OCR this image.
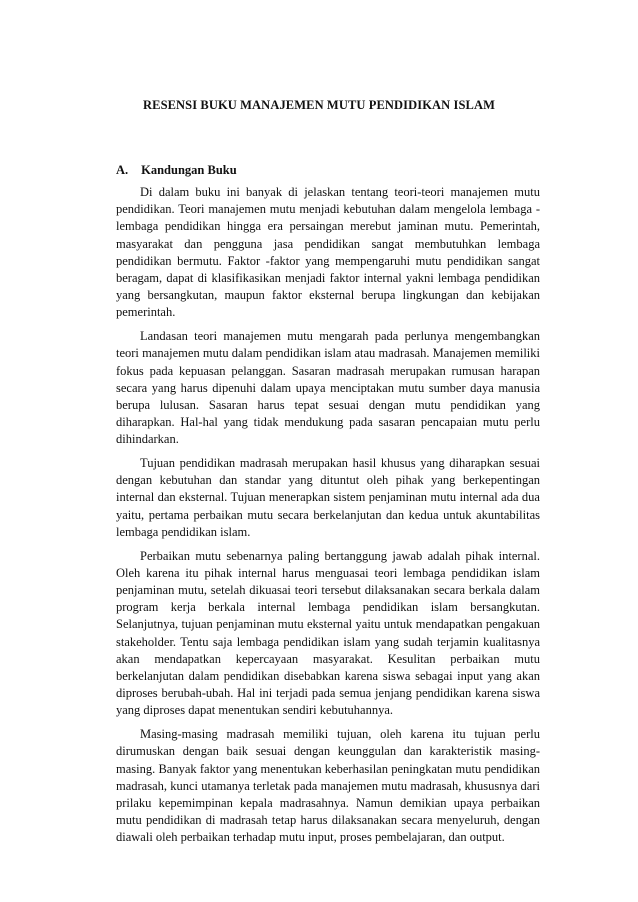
RESENSI BUKU MANAJEMEN MUTU PENDIDIKAN ISLAM
A. Kandungan Buku

Di dalam buku ini banyak di jelaskan tentang teori-teori manajemen mutu pendidikan. Teori manajemen mutu menjadi kebutuhan dalam mengelola lembaga - lembaga pendidikan hingga era persaingan merebut jaminan mutu. Pemerintah, masyarakat dan pengguna jasa pendidikan sangat membutuhkan lembaga pendidikan bermutu. Faktor -faktor yang mempengaruhi mutu pendidikan sangat beragam, dapat di klasifikasikan menjadi faktor internal yakni lembaga pendidikan yang bersangkutan, maupun faktor eksternal berupa lingkungan dan kebijakan pemerintah.

Landasan teori manajemen mutu mengarah pada perlunya mengembangkan teori manajemen mutu dalam pendidikan islam atau madrasah. Manajemen memiliki fokus pada kepuasan pelanggan. Sasaran madrasah merupakan rumusan harapan secara yang harus dipenuhi dalam upaya menciptakan mutu sumber daya manusia berupa lulusan. Sasaran harus tepat sesuai dengan mutu pendidikan yang diharapkan. Hal-hal yang tidak mendukung pada sasaran pencapaian mutu perlu dihindarkan.

Tujuan pendidikan madrasah merupakan hasil khusus yang diharapkan sesuai dengan kebutuhan dan standar yang dituntut oleh pihak yang berkepentingan internal dan eksternal. Tujuan menerapkan sistem penjaminan mutu internal ada dua yaitu, pertama perbaikan mutu secara berkelanjutan dan kedua untuk akuntabilitas lembaga pendidikan islam.

Perbaikan mutu sebenarnya paling bertanggung jawab adalah pihak internal. Oleh karena itu pihak internal harus menguasai teori lembaga pendidikan islam penjaminan mutu, setelah dikuasai teori tersebut dilaksanakan secara berkala dalam program kerja berkala internal lembaga pendidikan islam bersangkutan. Selanjutnya, tujuan penjaminan mutu eksternal yaitu untuk mendapatkan pengakuan stakeholder. Tentu saja lembaga pendidikan islam yang sudah terjamin kualitasnya akan mendapatkan kepercayaan masyarakat. Kesulitan perbaikan mutu berkelanjutan dalam pendidikan disebabkan karena siswa sebagai input yang akan diproses berubah-ubah. Hal ini terjadi pada semua jenjang pendidikan karena siswa yang diproses dapat menentukan sendiri kebutuhannya.

Masing-masing madrasah memiliki tujuan, oleh karena itu tujuan perlu dirumuskan dengan baik sesuai dengan keunggulan dan karakteristik masing-masing. Banyak faktor yang menentukan keberhasilan peningkatan mutu pendidikan madrasah, kunci utamanya terletak pada manajemen mutu madrasah, khususnya dari prilaku kepemimpinan kepala madrasahnya. Namun demikian upaya perbaikan mutu pendidikan di madrasah tetap harus dilaksanakan secara menyeluruh, dengan diawali oleh perbaikan terhadap mutu input, proses pembelajaran, dan output.
